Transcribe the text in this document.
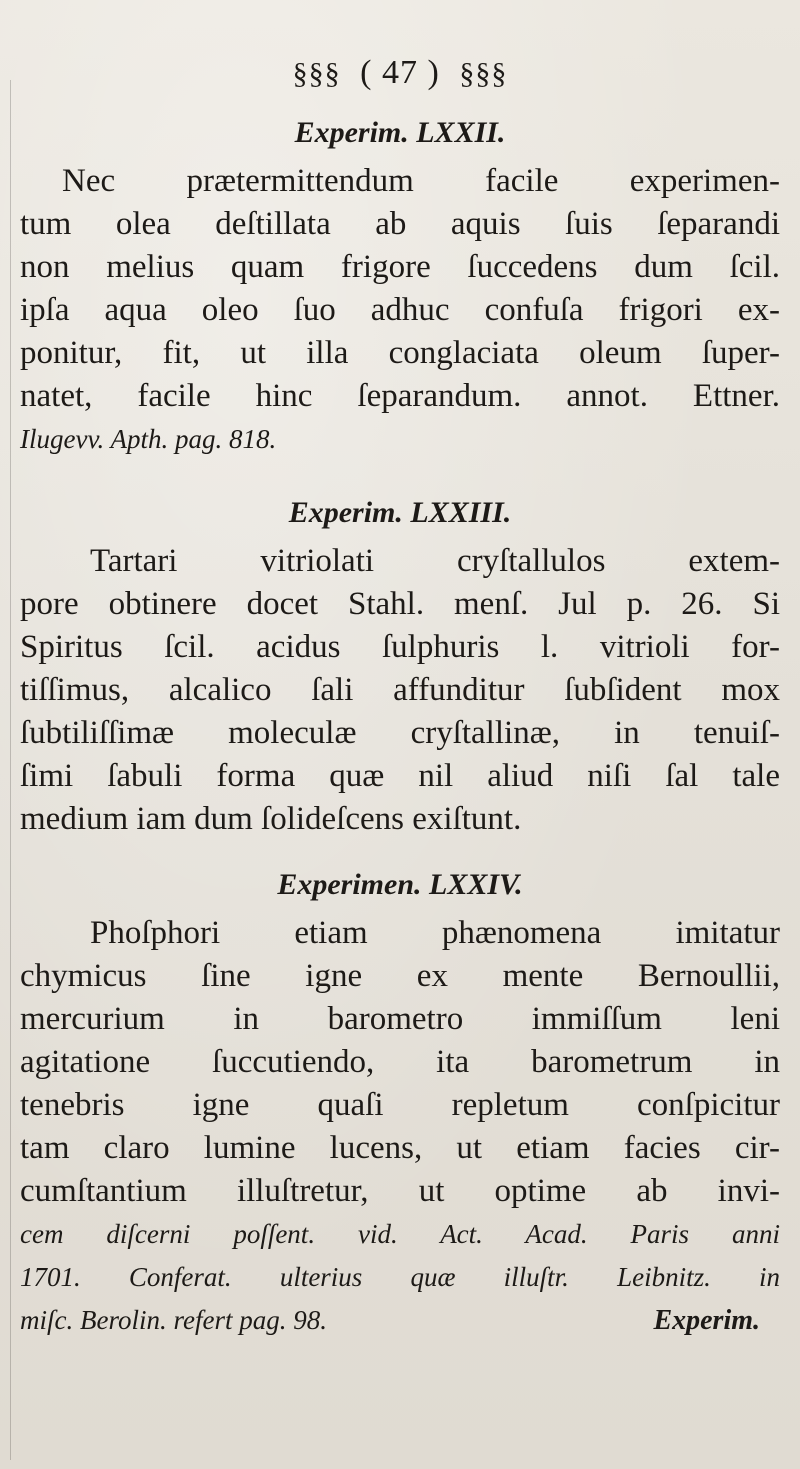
§§§ ( 47 ) §§§
Experim. LXXII.
Nec prætermittendum facile experimen-
tum olea deſtillata ab aquis ſuis ſeparandi
non melius quam frigore ſuccedens dum ſcil.
ipſa aqua oleo ſuo adhuc confuſa frigori ex-
ponitur, fit, ut illa conglaciata oleum ſuper-
natet, facile hinc ſeparandum. annot. Ettner.
Ilugevv. Apth. pag. 818.
Experim. LXXIII.
Tartari vitriolati cryſtallulos extem-
pore obtinere docet Stahl. menſ. Jul p. 26. Si
Spiritus ſcil. acidus ſulphuris l. vitrioli for-
tiſſimus, alcalico ſali affunditur ſubſident mox
ſubtiliſſimæ moleculæ cryſtallinæ, in tenuiſ-
ſimi ſabuli forma quæ nil aliud niſi ſal tale
medium iam dum ſolideſcens exiſtunt.
Experimen. LXXIV.
Phoſphori etiam phænomena imitatur
chymicus ſine igne ex mente Bernoullii,
mercurium in barometro immiſſum leni
agitatione ſuccutiendo, ita barometrum in
tenebris igne quaſi repletum conſpicitur
tam claro lumine lucens, ut etiam facies cir-
cumſtantium illuſtretur, ut optime ab invi-
cem diſcerni poſſent. vid. Act. Acad. Paris anni
1701. Conferat. ulterius quæ illuſtr. Leibnitz. in
miſc. Berolin. refert pag. 98.	Experim.
